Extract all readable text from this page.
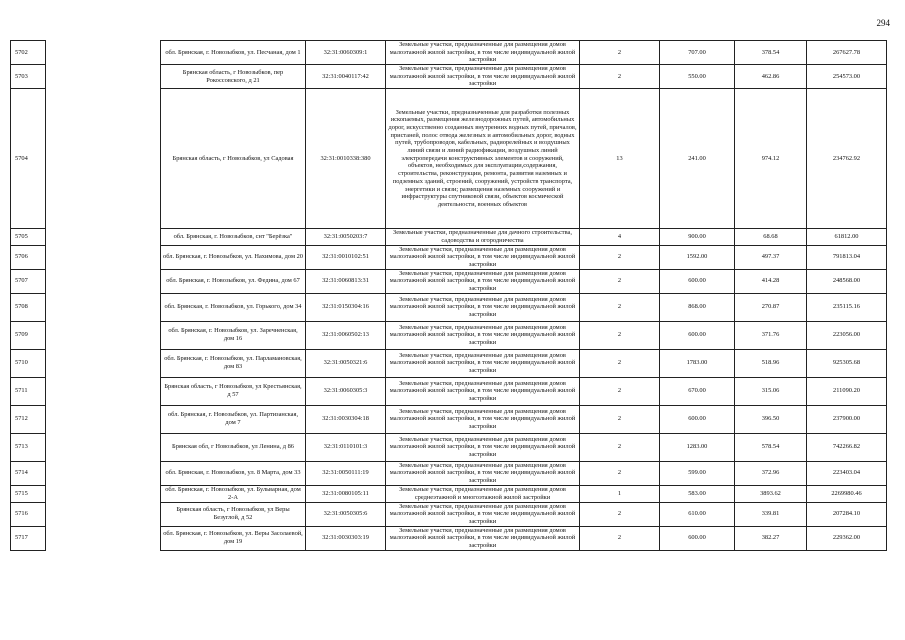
294
5702		обл. Брянская, г. Новозыбков, ул. Песчаная, дом 1	32:31:0060309:1	Земельные участки, предназначенные для размещения домов малоэтажной жилой застройки, в том числе индивидуальной жилой застройки	2	707.00	378.54	267627.78
5703		Брянская область, г Новозыбков, пер Рокоссовского, д 21	32:31:0040117:42	Земельные участки, предназначенные для размещения домов малоэтажной жилой застройки, в том числе индивидуальной жилой застройки	2	550.00	462.86	254573.00
5704		Брянская область, г Новозыбков, ул Садовая	32:31:0010338:380	Земельные участки, предназначенные для разработки полезных ископаемых, размещения железнодорожных путей, автомобильных дорог, искусственно созданных внутренних водных путей, причалов, пристаней, полос отвода железных и автомобильных дорог, водных путей, трубопроводов, кабельных, радиорелейных и воздушных линий связи и линий радиофикации, воздушных линий электропередачи конструктивных элементов и сооружений, объектов, необходимых для эксплуатации,содержания, строительства, реконструкции, ремонта, развития наземных и подземных зданий, строений, сооружений, устройств транспорта, энергетики и связи; размещения наземных сооружений и инфраструктуры спутниковой связи, объектов космической деятельности, военных объектов	13	241.00	974.12	234762.92
5705		обл. Брянская, г. Новозыбков, снт "Берёзка"	32:31:0050203:7	Земельные участки, предназначенные для дачного строительства, садоводства и огородничества	4	900.00	68.68	61812.00
5706		обл. Брянская, г. Новозыбков, ул. Нахимова, дом 20	32:31:0010102:51	Земельные участки, предназначенные для размещения домов малоэтажной жилой застройки, в том числе индивидуальной жилой застройки	2	1592.00	497.37	791813.04
5707		обл. Брянская, г. Новозыбков, ул. Федина, дом 67	32:31:0060813:31	Земельные участки, предназначенные для размещения домов малоэтажной жилой застройки, в том числе индивидуальной жилой застройки	2	600.00	414.28	248568.00
5708		обл. Брянская, г. Новозыбков, ул. Горького, дом 34	32:31:0150304:16	Земельные участки, предназначенные для размещения домов малоэтажной жилой застройки, в том числе индивидуальной жилой застройки	2	868.00	270.87	235115.16
5709		обл. Брянская, г. Новозыбков, ул. Заречненская, дом 16	32:31:0060502:13	Земельные участки, предназначенные для размещения домов малоэтажной жилой застройки, в том числе индивидуальной жилой застройки	2	600.00	371.76	223056.00
5710		обл. Брянская, г. Новозыбков, ул. Парламановская, дом 83	32:31:0050321:6	Земельные участки, предназначенные для размещения домов малоэтажной жилой застройки, в том числе индивидуальной жилой застройки	2	1783.00	518.96	925305.68
5711		Брянская область, г Новозыбков, ул Крестьянская, д 57	32:31:0060305:3	Земельные участки, предназначенные для размещения домов малоэтажной жилой застройки, в том числе индивидуальной жилой застройки	2	670.00	315.06	211090.20
5712		обл. Брянская, г. Новозыбков, ул. Партизанская, дом 7	32:31:0030304:18	Земельные участки, предназначенные для размещения домов малоэтажной жилой застройки, в том числе индивидуальной жилой застройки	2	600.00	396.50	237900.00
5713		Брянская обл, г Новозыбков, ул Ленина, д 86	32:31:0110101:3	Земельные участки, предназначенные для размещения домов малоэтажной жилой застройки, в том числе индивидуальной жилой застройки	2	1283.00	578.54	742266.82
5714		обл. Брянская, г. Новозыбков, ул. 8 Марта, дом 33	32:31:0050111:19	Земельные участки, предназначенные для размещения домов малоэтажной жилой застройки, в том числе индивидуальной жилой застройки	2	599.00	372.96	223403.04
5715		обл. Брянская, г. Новозыбков, ул. Бульварная, дом 2-А	32:31:0080105:11	Земельные участки, предназначенные для размещения домов среднеэтажной и многоэтажной жилой застройки	1	583.00	3893.62	2269980.46
5716		Брянская область, г Новозыбков, ул Веры Безуглой, д 52	32:31:0050305:6	Земельные участки, предназначенные для размещения домов малоэтажной жилой застройки, в том числе индивидуальной жилой застройки	2	610.00	339.81	207284.10
5717		обл. Брянская, г. Новозыбков, ул. Веры Засолаевой, дом 19	32:31:0030303:19	Земельные участки, предназначенные для размещения домов малоэтажной жилой застройки, в том числе индивидуальной жилой застройки	2	600.00	382.27	229362.00
